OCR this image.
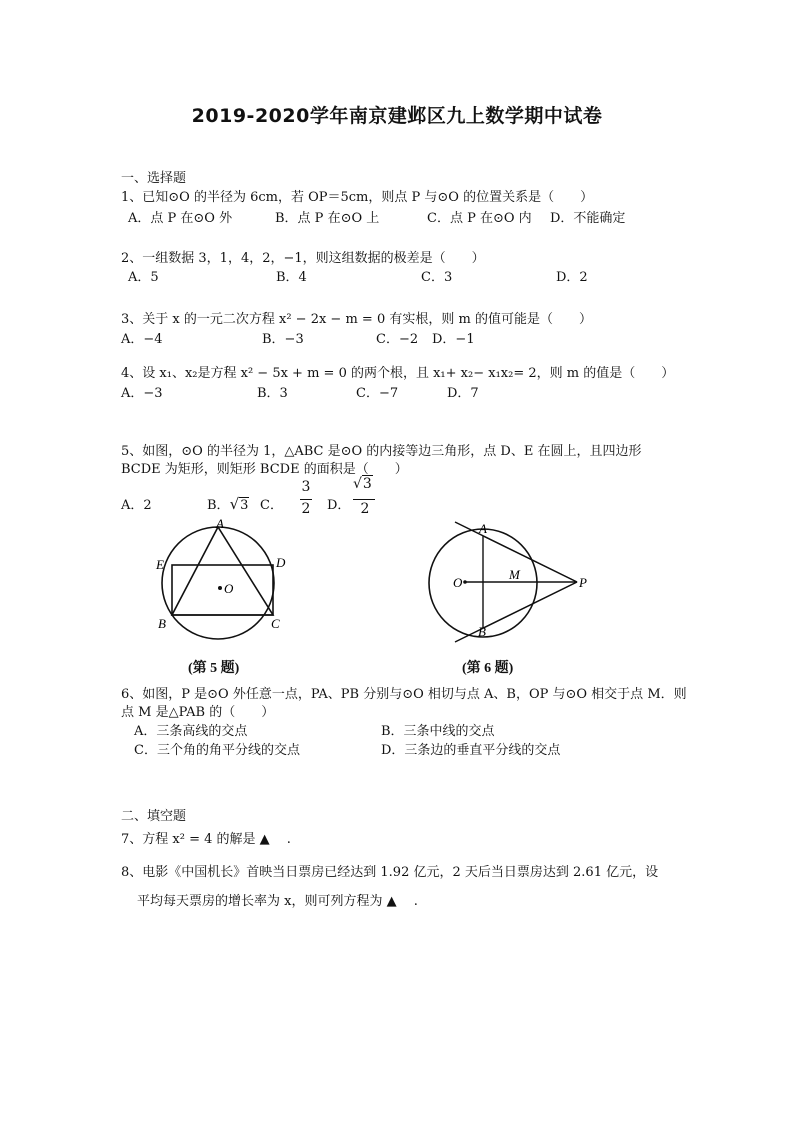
2019-2020学年南京建邺区九上数学期中试卷
一、选择题
1、已知⊙O 的半径为 6cm，若 OP＝5cm，则点 P 与⊙O 的位置关系是（　　）
A．点 P 在⊙O 外	B．点 P 在⊙O 上	C．点 P 在⊙O 内 D．不能确定
2、一组数据 3，1，4，2，−1，则这组数据的极差是（　　）
A．5	B．4	C．3	D．2
3、关于 x 的一元二次方程 x² − 2x − m = 0 有实根，则 m 的值可能是（　　）
A．−4	B．−3	C．−2 D．−1
4、设 x₁、x₂是方程 x² − 5x + m = 0 的两个根，且 x₁+ x₂− x₁x₂= 2，则 m 的值是（　　）
A．−3	B．3	C．−7	D．7
5、如图，⊙O 的半径为 1，△ABC 是⊙O 的内接等边三角形，点 D、E 在圆上，且四边形
BCDE 为矩形，则矩形 BCDE 的面积是（　　）
A．2	B．√3 C．
3
2 D．
√3
2
A
B	C
D
E
O
(第 5 题)
A
B
O
M
P
(第 6 题)
6、如图，P 是⊙O 外任意一点，PA、PB 分别与⊙O 相切与点 A、B，OP 与⊙O 相交于点 M．则
点 M 是△PAB 的（　　）
A．三条高线的交点	B．三条中线的交点
C．三个角的角平分线的交点	D．三条边的垂直平分线的交点
二、填空题
7、方程 x² = 4 的解是 ▲　 .
8、电影《中国机长》首映当日票房已经达到 1.92 亿元，2 天后当日票房达到 2.61 亿元，设
平均每天票房的增长率为 x，则可列方程为 ▲　 .
